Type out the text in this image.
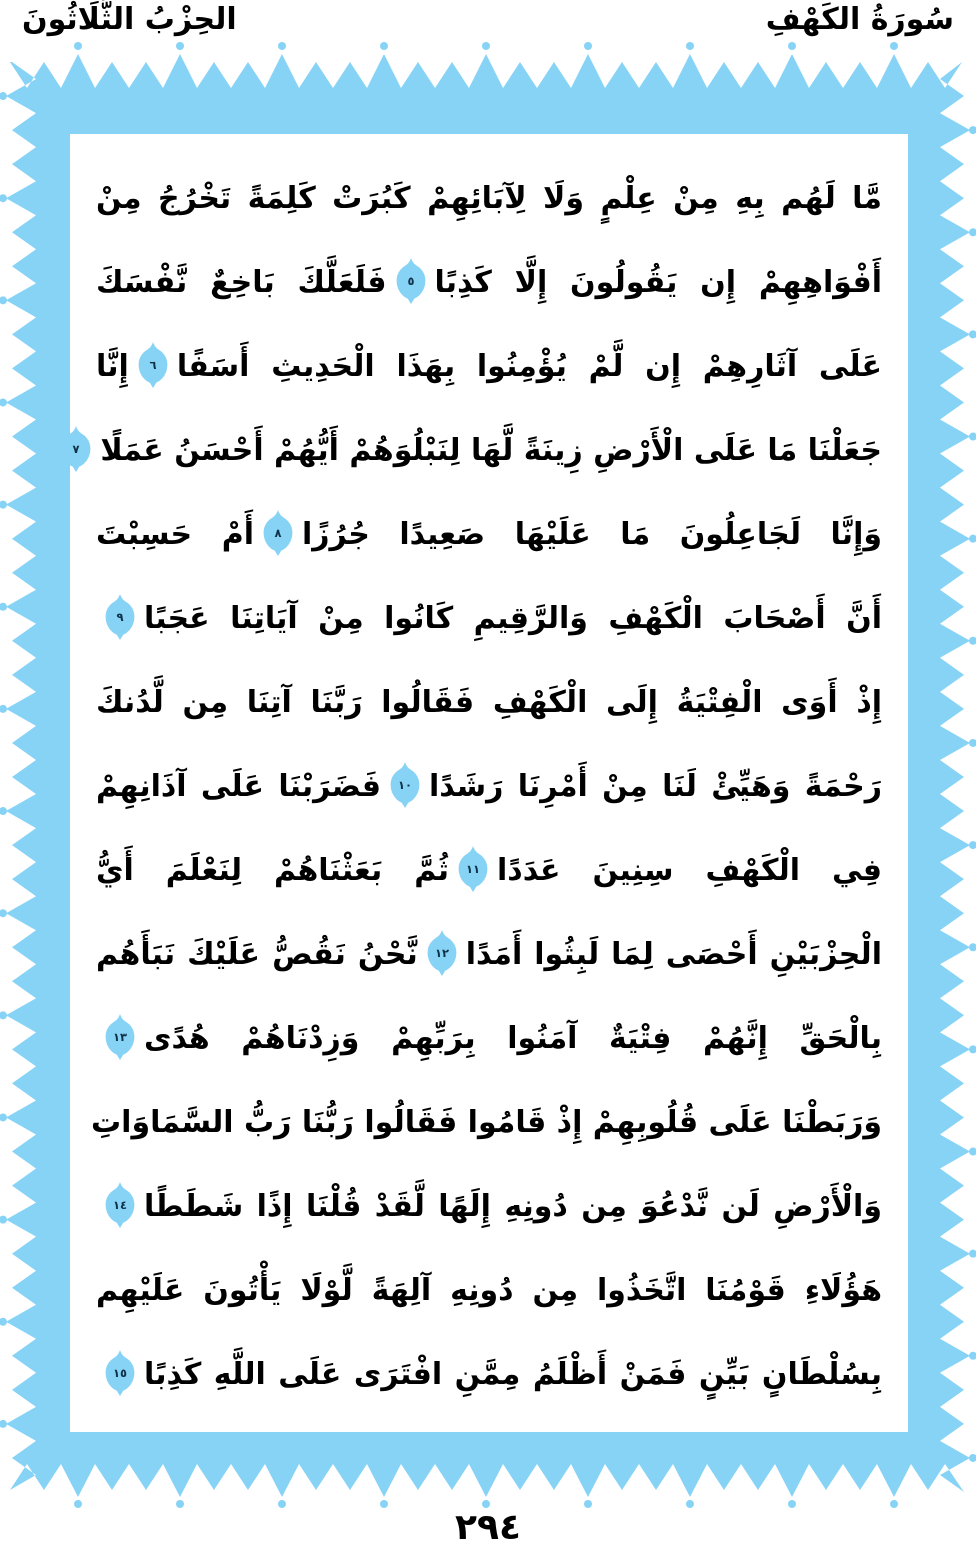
سُورَةُ الكَهْفِ
الحِزْبُ الثَّلَاثُونَ
مَّا لَهُم بِهِ مِنْ عِلْمٍ وَلَا لِآبَائِهِمْ كَبُرَتْ كَلِمَةً تَخْرُجُ مِنْ
أَفْوَاهِهِمْ إِن يَقُولُونَ إِلَّا كَذِبًا
٥
فَلَعَلَّكَ بَاخِعٌ نَّفْسَكَ
عَلَى آثَارِهِمْ إِن لَّمْ يُؤْمِنُوا بِهَذَا الْحَدِيثِ أَسَفًا
٦
إِنَّا
جَعَلْنَا مَا عَلَى الْأَرْضِ زِينَةً لَّهَا لِنَبْلُوَهُمْ أَيُّهُمْ أَحْسَنُ عَمَلًا
٧
وَإِنَّا لَجَاعِلُونَ مَا عَلَيْهَا صَعِيدًا جُرُزًا
٨
أَمْ حَسِبْتَ
أَنَّ أَصْحَابَ الْكَهْفِ وَالرَّقِيمِ كَانُوا مِنْ آيَاتِنَا عَجَبًا
٩
إِذْ أَوَى الْفِتْيَةُ إِلَى الْكَهْفِ فَقَالُوا رَبَّنَا آتِنَا مِن لَّدُنكَ
رَحْمَةً وَهَيِّئْ لَنَا مِنْ أَمْرِنَا رَشَدًا
١٠
فَضَرَبْنَا عَلَى آذَانِهِمْ
فِي الْكَهْفِ سِنِينَ عَدَدًا
١١
ثُمَّ بَعَثْنَاهُمْ لِنَعْلَمَ أَيُّ
الْحِزْبَيْنِ أَحْصَى لِمَا لَبِثُوا أَمَدًا
١٢
نَّحْنُ نَقُصُّ عَلَيْكَ نَبَأَهُم
بِالْحَقِّ إِنَّهُمْ فِتْيَةٌ آمَنُوا بِرَبِّهِمْ وَزِدْنَاهُمْ هُدًى
١٣
وَرَبَطْنَا عَلَى قُلُوبِهِمْ إِذْ قَامُوا فَقَالُوا رَبُّنَا رَبُّ السَّمَاوَاتِ
وَالْأَرْضِ لَن نَّدْعُوَ مِن دُونِهِ إِلَهًا لَّقَدْ قُلْنَا إِذًا شَطَطًا
١٤
هَؤُلَاءِ قَوْمُنَا اتَّخَذُوا مِن دُونِهِ آلِهَةً لَّوْلَا يَأْتُونَ عَلَيْهِم
بِسُلْطَانٍ بَيِّنٍ فَمَنْ أَظْلَمُ مِمَّنِ افْتَرَى عَلَى اللَّهِ كَذِبًا
١٥
٢٩٤
